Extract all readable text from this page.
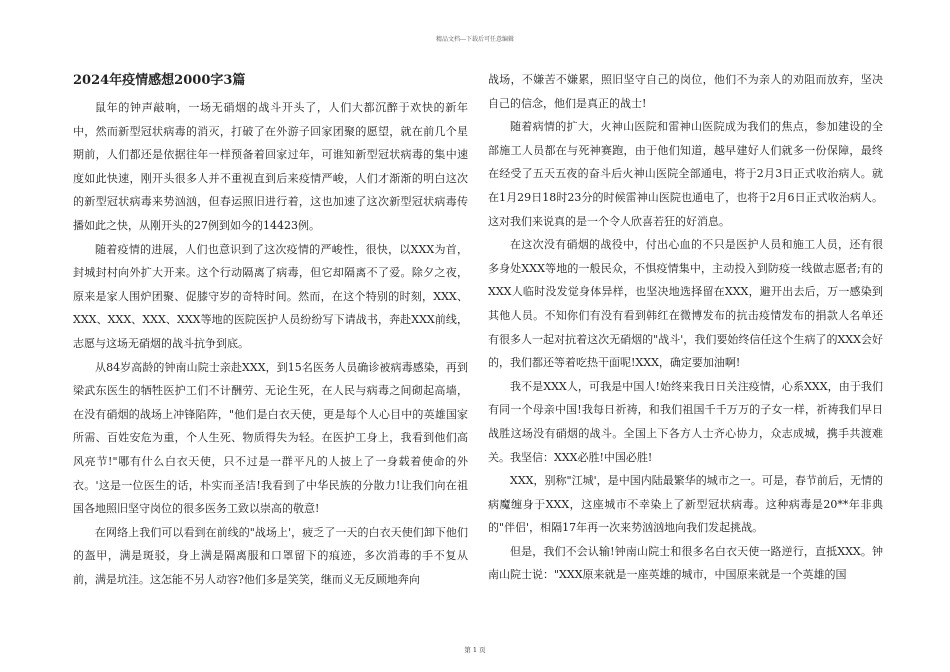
精品文档---下载后可任意编辑
2024年疫情感想2000字3篇

鼠年的钟声敲响，一场无硝烟的战斗开头了，人们大都沉醉于欢快的新年中，然而新型冠状病毒的消灭，打破了在外游子回家团聚的愿望，就在前几个星期前，人们都还是依据往年一样预备着回家过年，可谁知新型冠状病毒的集中速度如此快速，刚开头很多人并不重视直到后来疫情严峻，人们才渐渐的明白这次的新型冠状病毒来势汹汹，但春运照旧进行着，这也加速了这次新型冠状病毒传播如此之快，从刚开头的27例到如今的14423例。

随着疫情的进展，人们也意识到了这次疫情的严峻性，很快，以XXX为首，封城封村向外扩大开来。这个行动隔离了病毒，但它却隔离不了爱。除夕之夜，原来是家人围炉团聚、促膝守岁的奇特时间。然而，在这个特别的时刻，XXX、XXX、XXX、XXX、XXX等地的医院医护人员纷纷写下请战书，奔赴XXX前线，志愿与这场无硝烟的战斗抗争到底。

从84岁高龄的钟南山院士亲赴XXX，到15名医务人员确诊被病毒感染，再到梁武东医生的牺牲医护工们不计酬劳、无论生死，在人民与病毒之间砌起高墙，在没有硝烟的战场上冲锋陷阵，"他们是白衣天使，更是每个人心目中的英雄国家所需、百姓安危为重，个人生死、物质得失为轻。在医护工身上，我看到他们高风亮节!"哪有什么白衣天使，只不过是一群平凡的人披上了一身载着使命的外衣。'这是一位医生的话，朴实而圣洁!我看到了中华民族的分散力!让我们向在祖国各地照旧坚守岗位的很多医务工致以崇高的敬意!

在网络上我们可以看到在前线的"战场上'，疲乏了一天的白衣天使们卸下他们的盔甲，满是斑驳，身上满是隔离服和口罩留下的痕迹，多次消毒的手不复从前，满是坑洼。这怎能不另人动容?他们多是笑笑，继而义无反顾地奔向

战场，不嫌苦不嫌累，照旧坚守自己的岗位，他们不为亲人的劝阻而放弃，坚决自己的信念，他们是真正的战士!

随着病情的扩大，火神山医院和雷神山医院成为我们的焦点，参加建设的全部施工人员都在与死神赛跑，由于他们知道，越早建好人们就多一份保障，最终在经受了五天五夜的奋斗后火神山医院全部通电，将于2月3日正式收治病人。就在1月29日18时23分的时候雷神山医院也通电了，也将于2月6日正式收治病人。这对我们来说真的是一个令人欣喜若狂的好消息。

在这次没有硝烟的战役中，付出心血的不只是医护人员和施工人员，还有很多身处XXX等地的一般民众，不惧疫情集中，主动投入到防疫一线做志愿者;有的XXX人临时没发觉身体异样，也坚决地选择留在XXX，避开出去后，万一感染到其他人员。不知你们有没有看到韩红在微博发布的抗击疫情发布的捐款人名单还有很多人一起对抗着这次无硝烟的"战斗'，我们要始终信任这个生病了的XXX会好的，我们都还等着吃热干面呢!XXX，确定要加油啊!

我不是XXX人，可我是中国人!始终来我日日关注疫情，心系XXX，由于我们有同一个母亲中国!我每日祈祷，和我们祖国千千万万的子女一样，祈祷我们早日战胜这场没有硝烟的战斗。全国上下各方人士齐心协力，众志成城，携手共渡难关。我坚信：XXX必胜!中国必胜!

XXX，别称"江城'，是中国内陆最繁华的城市之一。可是，春节前后，无情的病魔缠身于XXX，这座城市不幸染上了新型冠状病毒。这种病毒是20**年非典的"伴侣'，相隔17年再一次来势汹汹地向我们发起挑战。

但是，我们不会认输!钟南山院士和很多名白衣天使一路逆行，直抵XXX。钟南山院士说："XXX原来就是一座英雄的城市，中国原来就是一个英雄的国

第 1 页
